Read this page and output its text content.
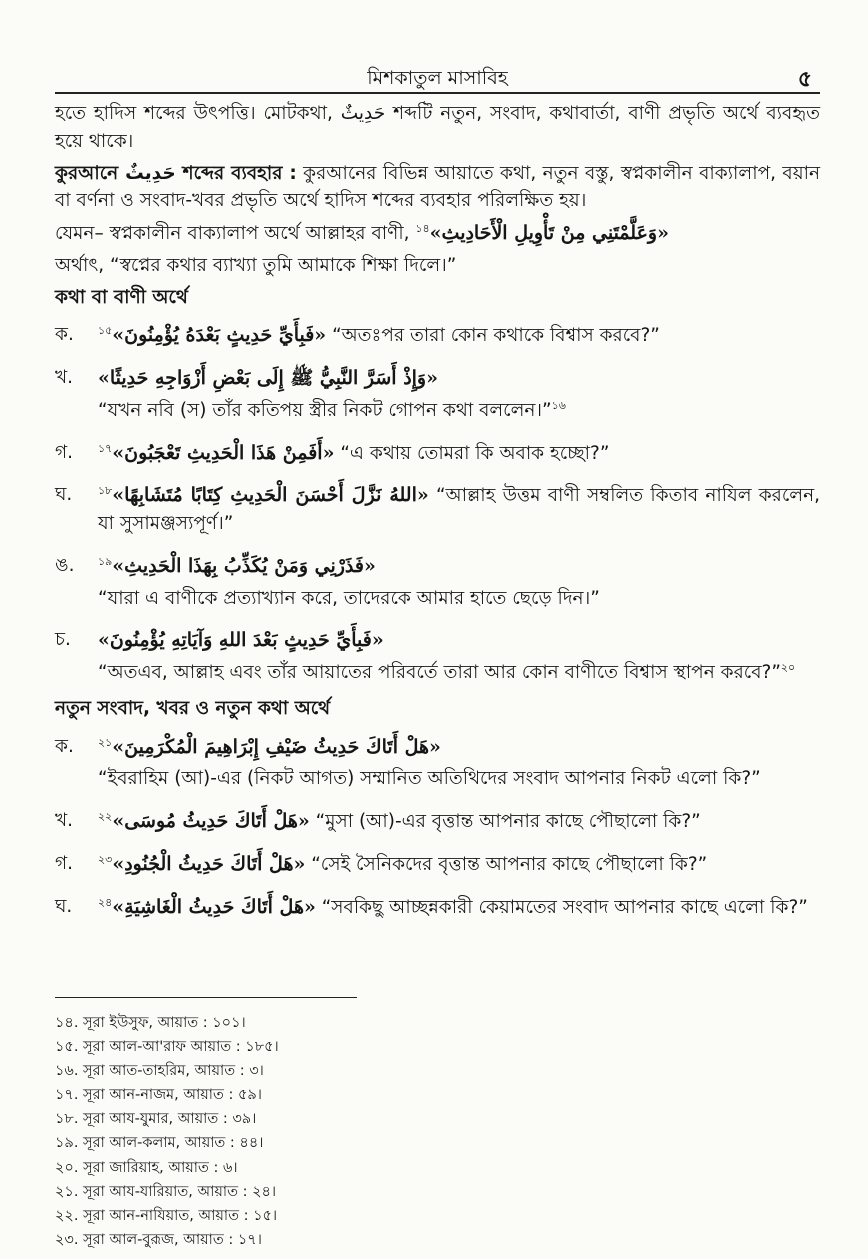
মিশকাতুল মাসাবিহ	৫

হতে হাদিস শব্দের উৎপত্তি। মোটকথা, حَدِيثٌ শব্দটি নতুন, সংবাদ, কথাবার্তা, বাণী প্রভৃতি অর্থে ব্যবহৃত হয়ে থাকে।

কুরআনে حَدِيثٌ শব্দের ব্যবহার : কুরআনের বিভিন্ন আয়াতে কথা, নতুন বস্তু, স্বপ্নকালীন বাক্যালাপ, বয়ান বা বর্ণনা ও সংবাদ-খবর প্রভৃতি অর্থে হাদিস শব্দের ব্যবহার পরিলক্ষিত হয়।

যেমন– স্বপ্নকালীন বাক্যালাপ অর্থে আল্লাহর বাণী, $^{১৪}$«وَعَلَّمْتَنِي مِنْ تَأْوِيلِ الْأَحَادِيثِ»

অর্থাৎ, “স্বপ্নের কথার ব্যাখ্যা তুমি আমাকে শিক্ষা দিলে।”

কথা বা বাণী অর্থে
ক.	$^{১৫}$«فَبِأَيِّ حَدِيثٍ بَعْدَهُ يُؤْمِنُونَ» “অতঃপর তারা কোন কথাকে বিশ্বাস করবে?”

খ.	«وَإِذْ أَسَرَّ النَّبِيُّ ﷺ إِلَى بَعْضِ أَزْوَاجِهِ حَدِيثًا»

“যখন নবি (স) তাঁর কতিপয় স্ত্রীর নিকট গোপন কথা বললেন।”$^{১৬}$

গ.	$^{১৭}$«أَفَمِنْ هَذَا الْحَدِيثِ تَعْجَبُونَ» “এ কথায় তোমরা কি অবাক হচ্ছো?”

ঘ.	$^{১৮}$«اللهُ نَزَّلَ أَحْسَنَ الْحَدِيثِ كِتَابًا مُتَشَابِهًا» “আল্লাহ উত্তম বাণী সম্বলিত কিতাব নাযিল করলেন, যা সুসামঞ্জস্যপূর্ণ।”

ঙ.	$^{১৯}$«فَذَرْنِي وَمَنْ يُكَذِّبُ بِهَذَا الْحَدِيثِ»

“যারা এ বাণীকে প্রত্যাখ্যান করে, তাদেরকে আমার হাতে ছেড়ে দিন।”

চ.	«فَبِأَيِّ حَدِيثٍ بَعْدَ اللهِ وَآيَاتِهِ يُؤْمِنُونَ»

“অতএব, আল্লাহ এবং তাঁর আয়াতের পরিবর্তে তারা আর কোন বাণীতে বিশ্বাস স্থাপন করবে?”$^{২০}$

নতুন সংবাদ, খবর ও নতুন কথা অর্থে
ক.	$^{২১}$«هَلْ أَتَاكَ حَدِيثُ ضَيْفِ إِبْرَاهِيمَ الْمُكْرَمِينَ»

“ইবরাহিম (আ)-এর (নিকট আগত) সম্মানিত অতিথিদের সংবাদ আপনার নিকট এলো কি?”

খ.	$^{২২}$«هَلْ أَتَاكَ حَدِيثُ مُوسَى» “মুসা (আ)-এর বৃত্তান্ত আপনার কাছে পৌছালো কি?”

গ.	$^{২৩}$«هَلْ أَتَاكَ حَدِيثُ الْجُنُودِ» “সেই সৈনিকদের বৃত্তান্ত আপনার কাছে পৌছালো কি?”

ঘ.	$^{২৪}$«هَلْ أَتَاكَ حَدِيثُ الْغَاشِيَةِ» “সবকিছু আচ্ছন্নকারী কেয়ামতের সংবাদ আপনার কাছে এলো কি?”

১৪. সূরা ইউসুফ, আয়াত : ১০১।
১৫. সূরা আল-আ'রাফ আয়াত : ১৮৫।
১৬. সূরা আত-তাহরিম, আয়াত : ৩।
১৭. সূরা আন-নাজম, আয়াত : ৫৯।
১৮. সূরা আয-যুমার, আয়াত : ৩৯।
১৯. সূরা আল-কলাম, আয়াত : ৪৪।
২০. সূরা জারিয়াহ, আয়াত : ৬।
২১. সূরা আয-যারিয়াত, আয়াত : ২৪।
২২. সূরা আন-নাযিয়াত, আয়াত : ১৫।
২৩. সূরা আল-বুরূজ, আয়াত : ১৭।
